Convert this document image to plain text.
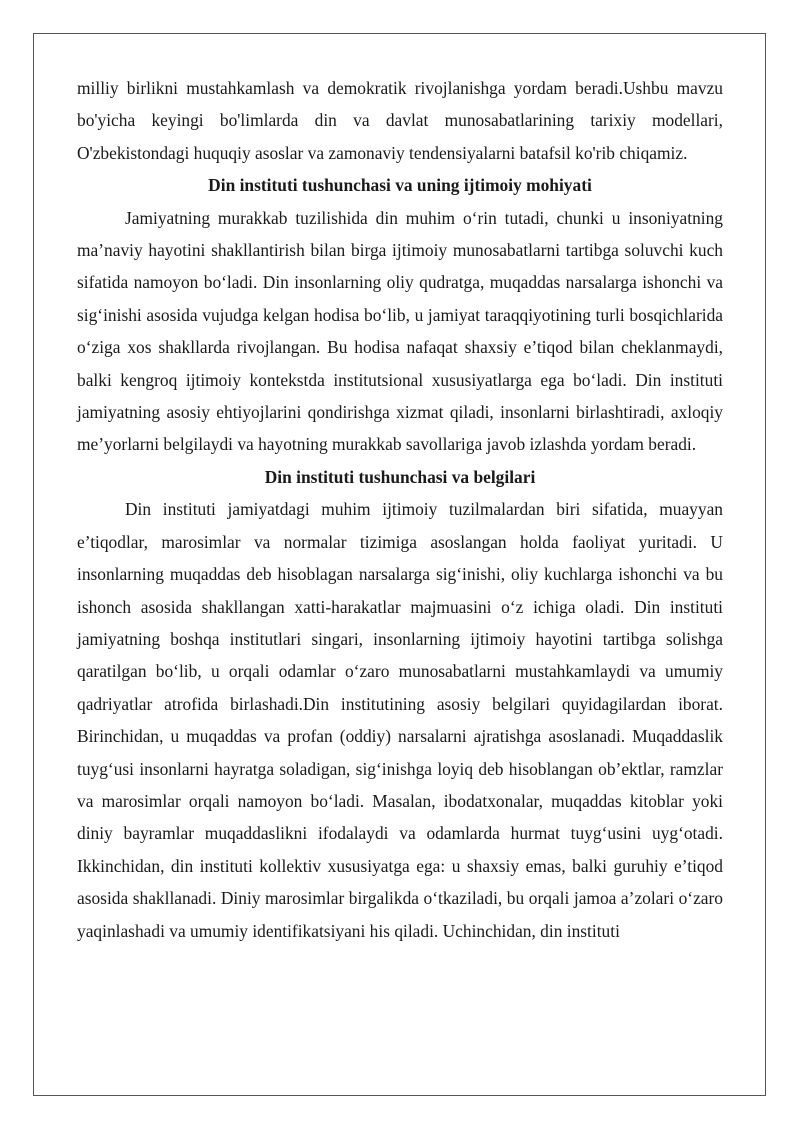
milliy birlikni mustahkamlash va demokratik rivojlanishga yordam beradi.Ushbu mavzu bo'yicha keyingi bo'limlarda din va davlat munosabatlarining tarixiy modellari, O'zbekistondagi huquqiy asoslar va zamonaviy tendensiyalarni batafsil ko'rib chiqamiz.

Din instituti tushunchasi va uning ijtimoiy mohiyati

Jamiyatning murakkab tuzilishida din muhim o‘rin tutadi, chunki u insoniyatning ma’naviy hayotini shakllantirish bilan birga ijtimoiy munosabatlarni tartibga soluvchi kuch sifatida namoyon bo‘ladi. Din insonlarning oliy qudratga, muqaddas narsalarga ishonchi va sig‘inishi asosida vujudga kelgan hodisa bo‘lib, u jamiyat taraqqiyotining turli bosqichlarida o‘ziga xos shakllarda rivojlangan. Bu hodisa nafaqat shaxsiy e’tiqod bilan cheklanmaydi, balki kengroq ijtimoiy kontekstda institutsional xususiyatlarga ega bo‘ladi. Din instituti jamiyatning asosiy ehtiyojlarini qondirishga xizmat qiladi, insonlarni birlashtiradi, axloqiy me’yorlarni belgilaydi va hayotning murakkab savollariga javob izlashda yordam beradi.

Din instituti tushunchasi va belgilari

Din instituti jamiyatdagi muhim ijtimoiy tuzilmalardan biri sifatida, muayyan e’tiqodlar, marosimlar va normalar tizimiga asoslangan holda faoliyat yuritadi. U insonlarning muqaddas deb hisoblagan narsalarga sig‘inishi, oliy kuchlarga ishonchi va bu ishonch asosida shakllangan xatti-harakatlar majmuasini o‘z ichiga oladi. Din instituti jamiyatning boshqa institutlari singari, insonlarning ijtimoiy hayotini tartibga solishga qaratilgan bo‘lib, u orqali odamlar o‘zaro munosabatlarni mustahkamlaydi va umumiy qadriyatlar atrofida birlashadi.Din institutining asosiy belgilari quyidagilardan iborat. Birinchidan, u muqaddas va profan (oddiy) narsalarni ajratishga asoslanadi. Muqaddaslik tuyg‘usi insonlarni hayratga soladigan, sig‘inishga loyiq deb hisoblangan ob’ektlar, ramzlar va marosimlar orqali namoyon bo‘ladi. Masalan, ibodatxonalar, muqaddas kitoblar yoki diniy bayramlar muqaddaslikni ifodalaydi va odamlarda hurmat tuyg‘usini uyg‘otadi. Ikkinchidan, din instituti kollektiv xususiyatga ega: u shaxsiy emas, balki guruhiy e’tiqod asosida shakllanadi. Diniy marosimlar birgalikda o‘tkaziladi, bu orqali jamoa a’zolari o‘zaro yaqinlashadi va umumiy identifikatsiyani his qiladi. Uchinchidan, din instituti
